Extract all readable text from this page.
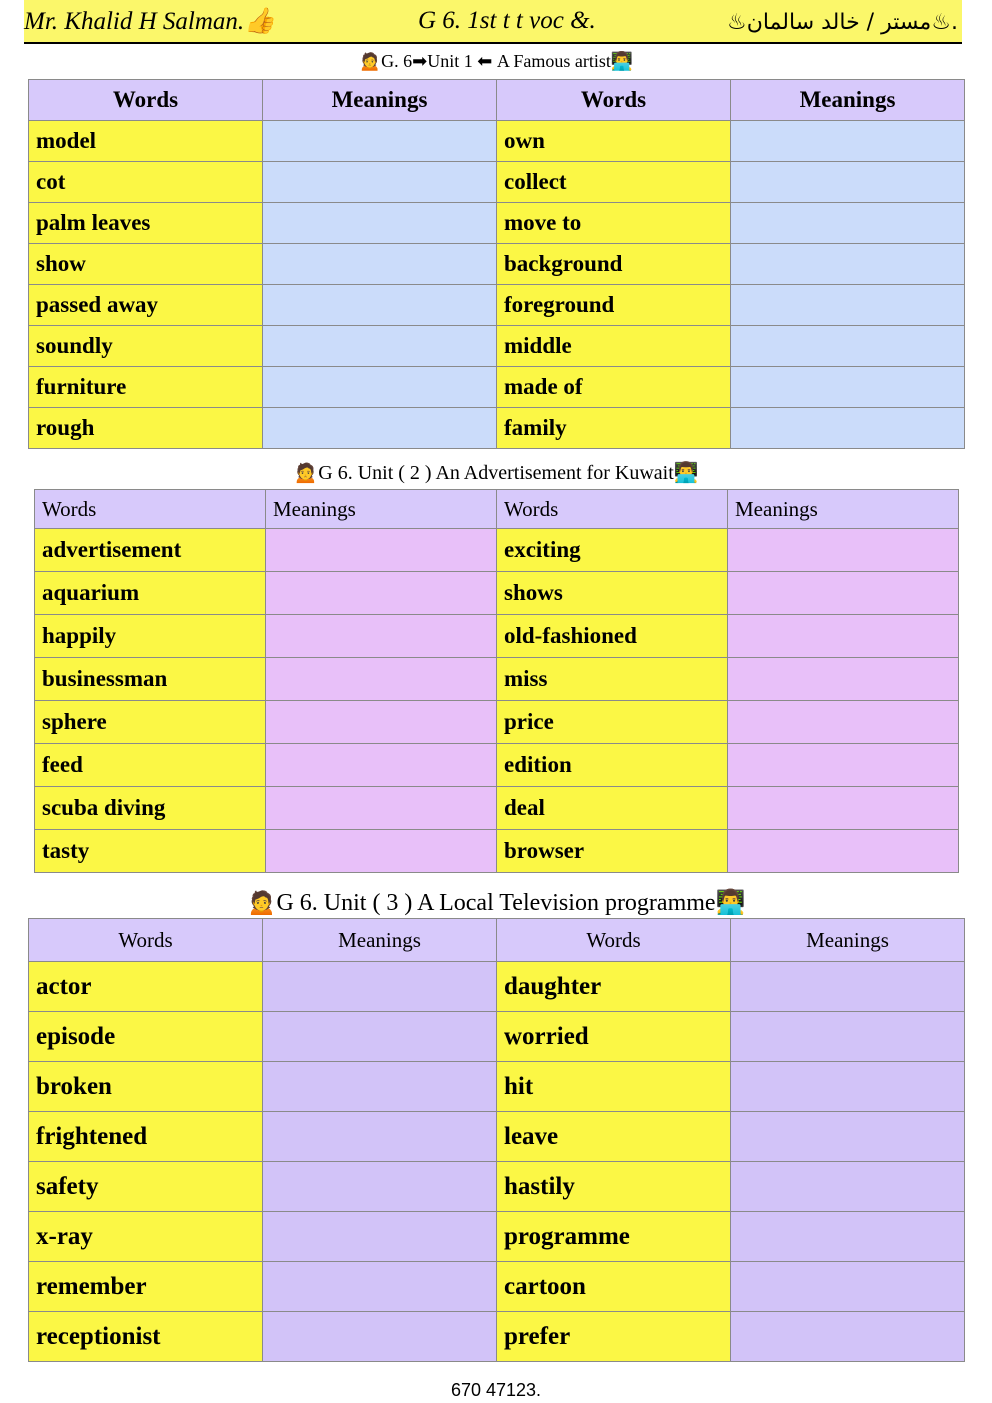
Mr. Khalid H Salman.👍	G 6. 1st t t voc &.	♨مستر / خالد سالمان♨.
🙍G. 6➡Unit 1 ⬅ A Famous artist👨‍💻
Words	Meanings	Words	Meanings
model		own	
cot		collect	
palm leaves		move to	
show		background	
passed away		foreground	
soundly		middle	
furniture		made of	
rough		family	
🙍G 6. Unit ( 2 ) An Advertisement for Kuwait👨‍💻
Words	Meanings	Words	Meanings
advertisement		exciting	
aquarium		shows	
happily		old-fashioned	
businessman		miss	
sphere		price	
feed		edition	
scuba diving		deal	
tasty		browser	
🙍G 6. Unit ( 3 ) A Local Television programme👨‍💻
Words	Meanings	Words	Meanings
actor		daughter	
episode		worried	
broken		hit	
frightened		leave	
safety		hastily	
x-ray		programme	
remember		cartoon	
receptionist		prefer	
670 47123.
